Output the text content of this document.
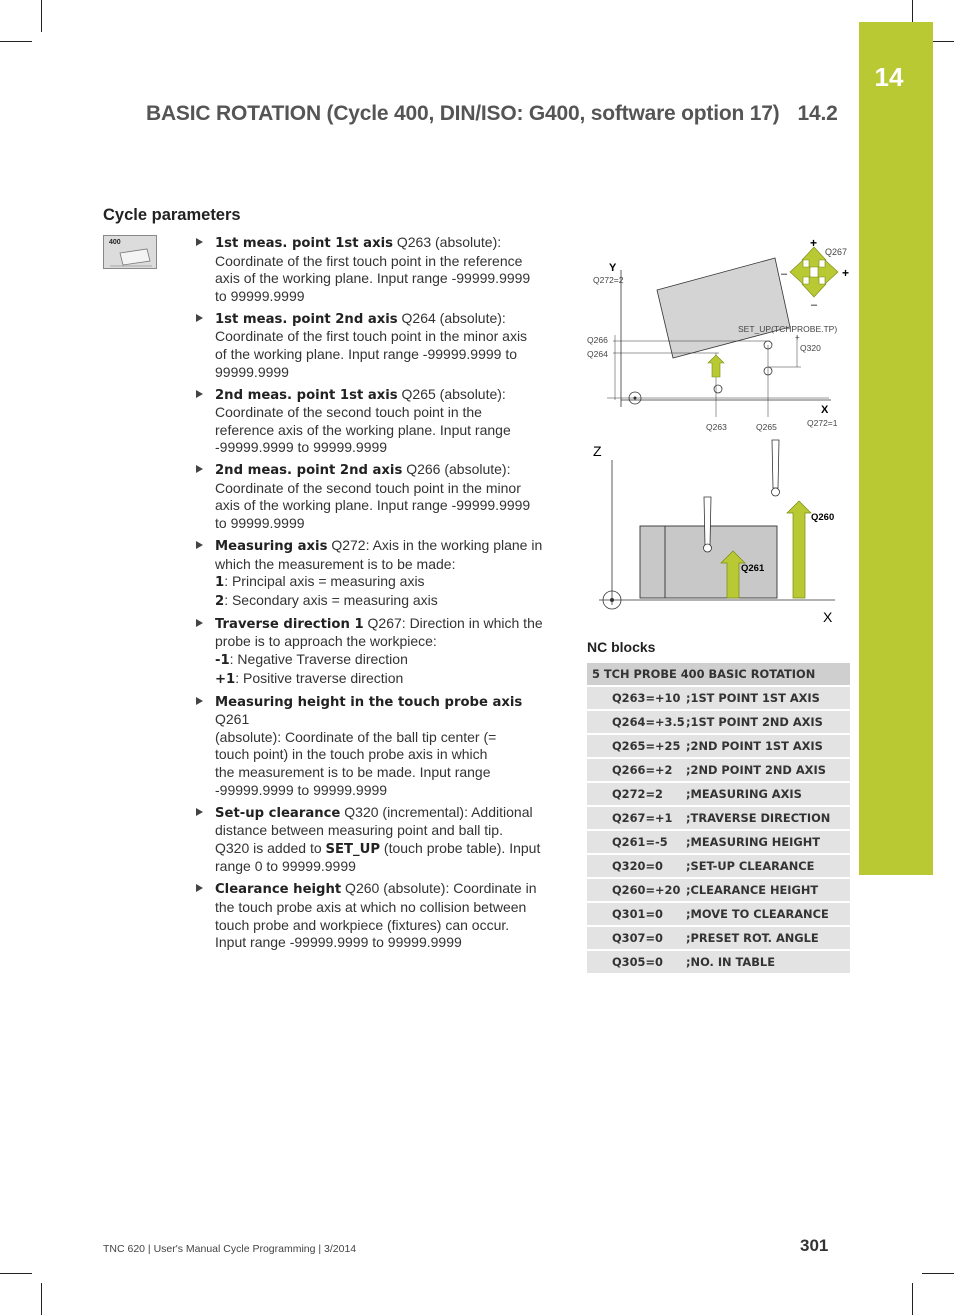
14
BASIC ROTATION (Cycle 400, DIN/ISO: G400, software option 17) 14.2
Cycle parameters
400	1st meas. point 1st axis Q263 (absolute):
Coordinate of the first touch point in the reference
axis of the working plane. Input range -99999.9999
to 99999.9999
1st meas. point 2nd axis Q264 (absolute):
Coordinate of the first touch point in the minor axis
of the working plane. Input range -99999.9999 to
99999.9999
2nd meas. point 1st axis Q265 (absolute):
Coordinate of the second touch point in the
reference axis of the working plane. Input range
-99999.9999 to 99999.9999
2nd meas. point 2nd axis Q266 (absolute):
Coordinate of the second touch point in the minor
axis of the working plane. Input range -99999.9999
to 99999.9999
Measuring axis Q272: Axis in the working plane in
which the measurement is to be made:
1: Principal axis = measuring axis
2: Secondary axis = measuring axis
Traverse direction 1 Q267: Direction in which the
probe is to approach the workpiece:
-1: Negative Traverse direction
+1: Positive traverse direction
Measuring height in the touch probe axis Q261
(absolute): Coordinate of the ball tip center (=
touch point) in the touch probe axis in which
the measurement is to be made. Input range
-99999.9999 to 99999.9999
Set-up clearance Q320 (incremental): Additional
distance between measuring point and ball tip.
Q320 is added to SET_UP (touch probe table). Input
range 0 to 99999.9999
Clearance height Q260 (absolute): Coordinate in
the touch probe axis at which no collision between
touch probe and workpiece (fixtures) can occur.
Input range -99999.9999 to 99999.9999
Y
Q272=2
X
Q272=1
Q266
Q264
Q263	Q265
SET_UP(TCHPROBE.TP)
Q320
+
+
+
–
–
Q267
Z
X
Q261
Q260
NC blocks
5 TCH PROBE 400 BASIC ROTATION	
Q263=+10	;1ST POINT 1ST AXIS
Q264=+3.5	;1ST POINT 2ND AXIS
Q265=+25	;2ND POINT 1ST AXIS
Q266=+2	;2ND POINT 2ND AXIS
Q272=2	;MEASURING AXIS
Q267=+1	;TRAVERSE DIRECTION
Q261=-5	;MEASURING HEIGHT
Q320=0	;SET-UP CLEARANCE
Q260=+20	;CLEARANCE HEIGHT
Q301=0	;MOVE TO CLEARANCE
Q307=0	;PRESET ROT. ANGLE
Q305=0	;NO. IN TABLE
TNC 620 | User's Manual Cycle Programming | 3/2014	301
